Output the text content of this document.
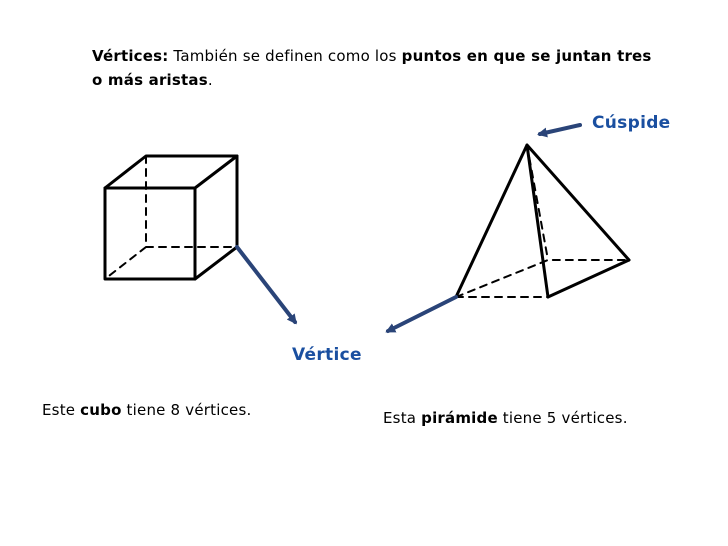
Vértices: También se definen como los puntos en que se juntan tres o más aristas.
Cúspide
Vértice
Este cubo tiene 8 vértices.	Esta pirámide tiene 5 vértices.
